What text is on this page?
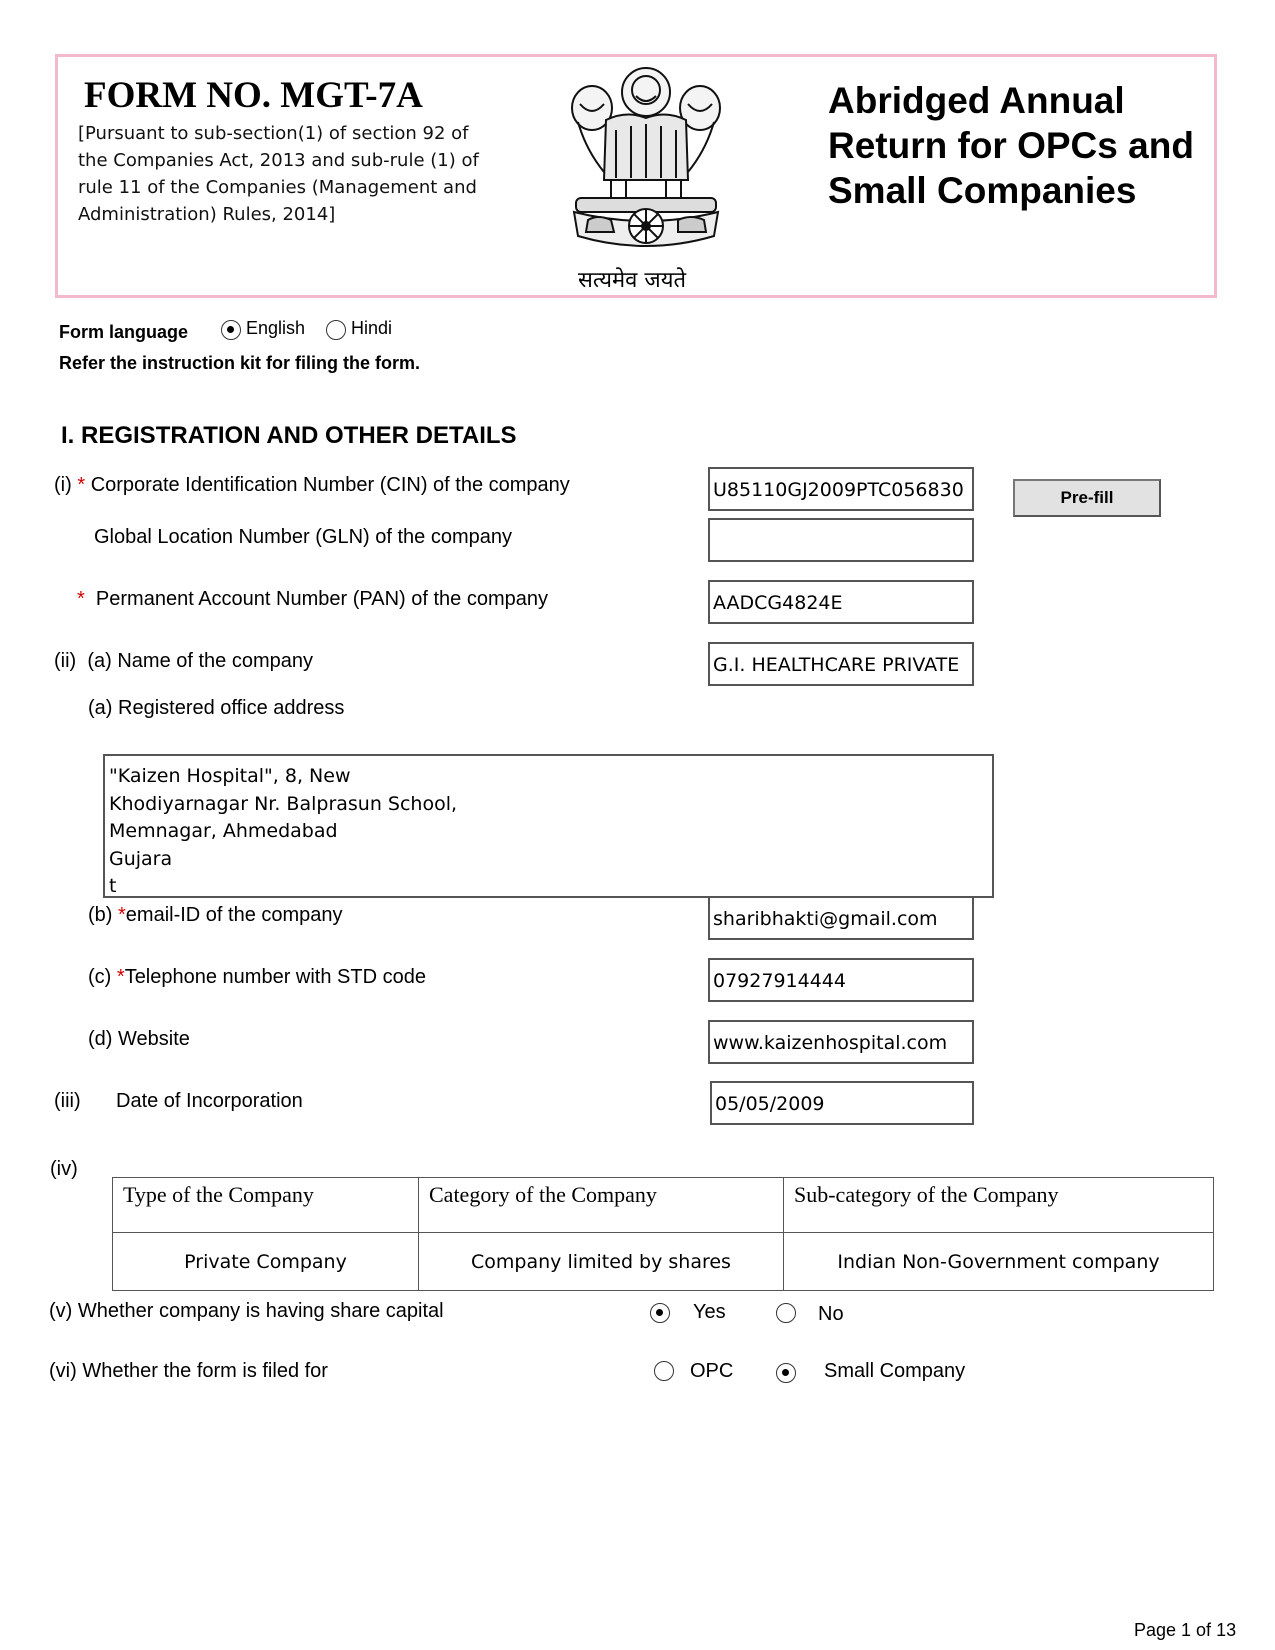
FORM NO. MGT-7A
[Pursuant to sub-section(1) of section 92 of the Companies Act, 2013 and sub-rule (1) of rule 11 of the Companies (Management and Administration) Rules, 2014]
Abridged Annual Return for OPCs and Small Companies
सत्यमेव जयते
Form language	English	Hindi
Refer the instruction kit for filing the form.
I. REGISTRATION AND OTHER DETAILS
(i) * Corporate Identification Number (CIN) of the company	U85110GJ2009PTC056830	Pre-fill
Global Location Number (GLN) of the company
* Permanent Account Number (PAN) of the company	AADCG4824E
(ii) (a) Name of the company	G.I. HEALTHCARE PRIVATE
(a) Registered office address
"Kaizen Hospital", 8, New
Khodiyarnagar Nr. Balprasun School,
Memnagar, Ahmedabad
Gujara
t
(b) *email-ID of the company	sharibhakti@gmail.com
(c) *Telephone number with STD code	07927914444
(d) Website	www.kaizenhospital.com
(iii) Date of Incorporation	05/05/2009
(iv)
Type of the Company	Category of the Company	Sub-category of the Company
Private Company	Company limited by shares	Indian Non-Government company
(v) Whether company is having share capital	Yes	No
(vi) Whether the form is filed for	OPC	Small Company
Page 1 of 13
